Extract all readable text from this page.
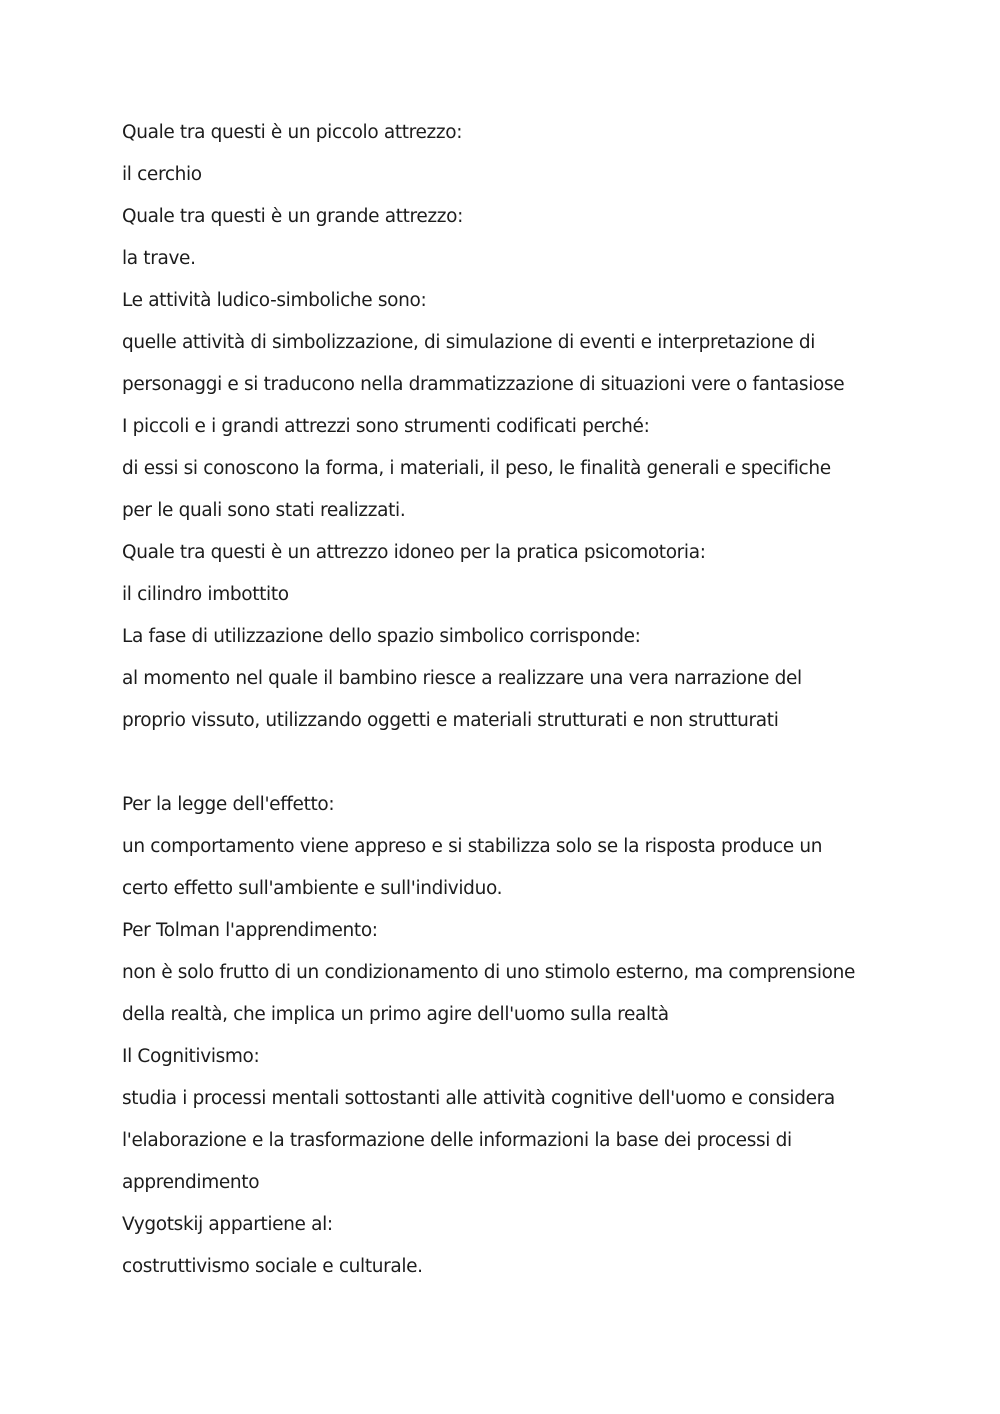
Quale tra questi è un piccolo attrezzo:
il cerchio
Quale tra questi è un grande attrezzo:
la trave.
Le attività ludico-simboliche sono:
quelle attività di simbolizzazione, di simulazione di eventi e interpretazione di
personaggi e si traducono nella drammatizzazione di situazioni vere o fantasiose
I piccoli e i grandi attrezzi sono strumenti codificati perché:
di essi si conoscono la forma, i materiali, il peso, le finalità generali e specifiche
per le quali sono stati realizzati.
Quale tra questi è un attrezzo idoneo per la pratica psicomotoria:
il cilindro imbottito
La fase di utilizzazione dello spazio simbolico corrisponde:
al momento nel quale il bambino riesce a realizzare una vera narrazione del
proprio vissuto, utilizzando oggetti e materiali strutturati e non strutturati
Per la legge dell'effetto:
un comportamento viene appreso e si stabilizza solo se la risposta produce un
certo effetto sull'ambiente e sull'individuo.
Per Tolman l'apprendimento:
non è solo frutto di un condizionamento di uno stimolo esterno, ma comprensione
della realtà, che implica un primo agire dell'uomo sulla realtà
Il Cognitivismo:
studia i processi mentali sottostanti alle attività cognitive dell'uomo e considera
l'elaborazione e la trasformazione delle informazioni la base dei processi di
apprendimento
Vygotskij appartiene al:
costruttivismo sociale e culturale.
